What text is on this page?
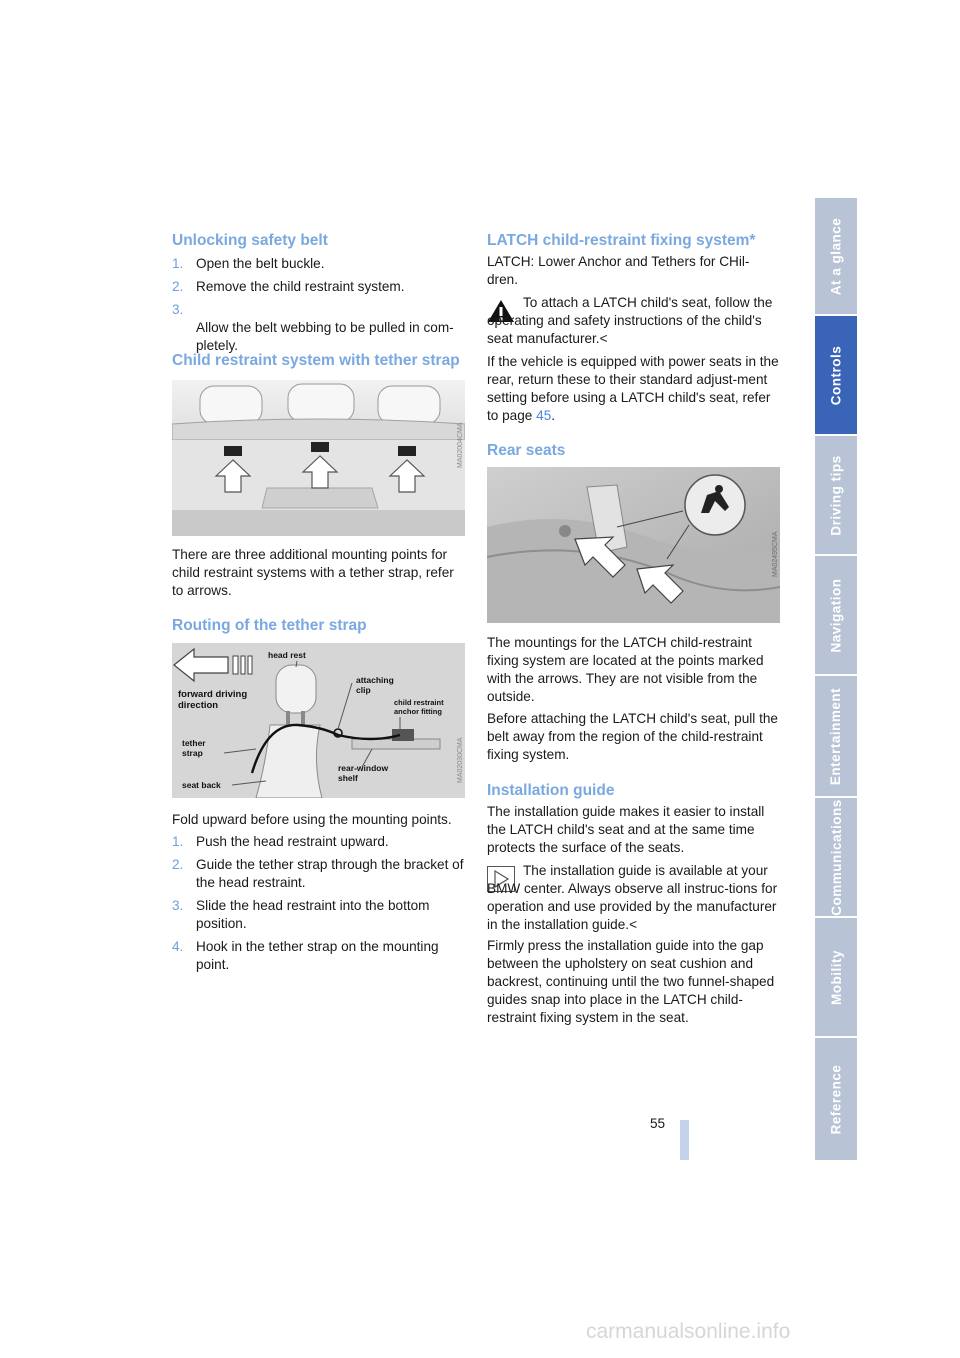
Unlocking safety belt
1. Open the belt buckle.
2. Remove the child restraint system.

3.
Allow the belt webbing to be pulled in com-
pletely.

Child restraint system with tether strap
MA02004CMA

There are three additional mounting points for child restraint systems with a tether strap, refer to arrows.

Routing of the tether strap
head rest
forward driving direction
attaching clip
child restraint anchor fitting
tether strap
seat back
rear-window shelf	MA02030CMA

Fold upward before using the mounting points.

1. Push the head restraint upward.
2. Guide the tether strap through the bracket of the head restraint.
3. Slide the head restraint into the bottom position.
4. Hook in the tether strap on the mounting point.
LATCH child-restraint fixing system*

LATCH: Lower Anchor and Tethers for CHil-
dren.

To attach a LATCH child's seat, follow the operating and safety instructions of the child's seat manufacturer.<

If the vehicle is equipped with power seats in the rear, return these to their standard adjust-ment setting before using a LATCH child's seat, refer to page 45.

Rear seats
MA02495CMA

The mountings for the LATCH child-restraint fixing system are located at the points marked with the arrows. They are not visible from the outside.

Before attaching the LATCH child's seat, pull the belt away from the region of the child-restraint fixing system.

Installation guide

The installation guide makes it easier to install the LATCH child's seat and at the same time protects the surface of the seats.

The installation guide is available at your BMW center. Always observe all instruc-tions for operation and use provided by the manufacturer in the installation guide.<

Firmly press the installation guide into the gap between the upholstery on seat cushion and backrest, continuing until the two funnel-shaped guides snap into place in the LATCH child-restraint fixing system in the seat.

At a glance
Controls
Driving tips
Navigation
Entertainment
Communications
Mobility
Reference
55
carmanualsonline.info
